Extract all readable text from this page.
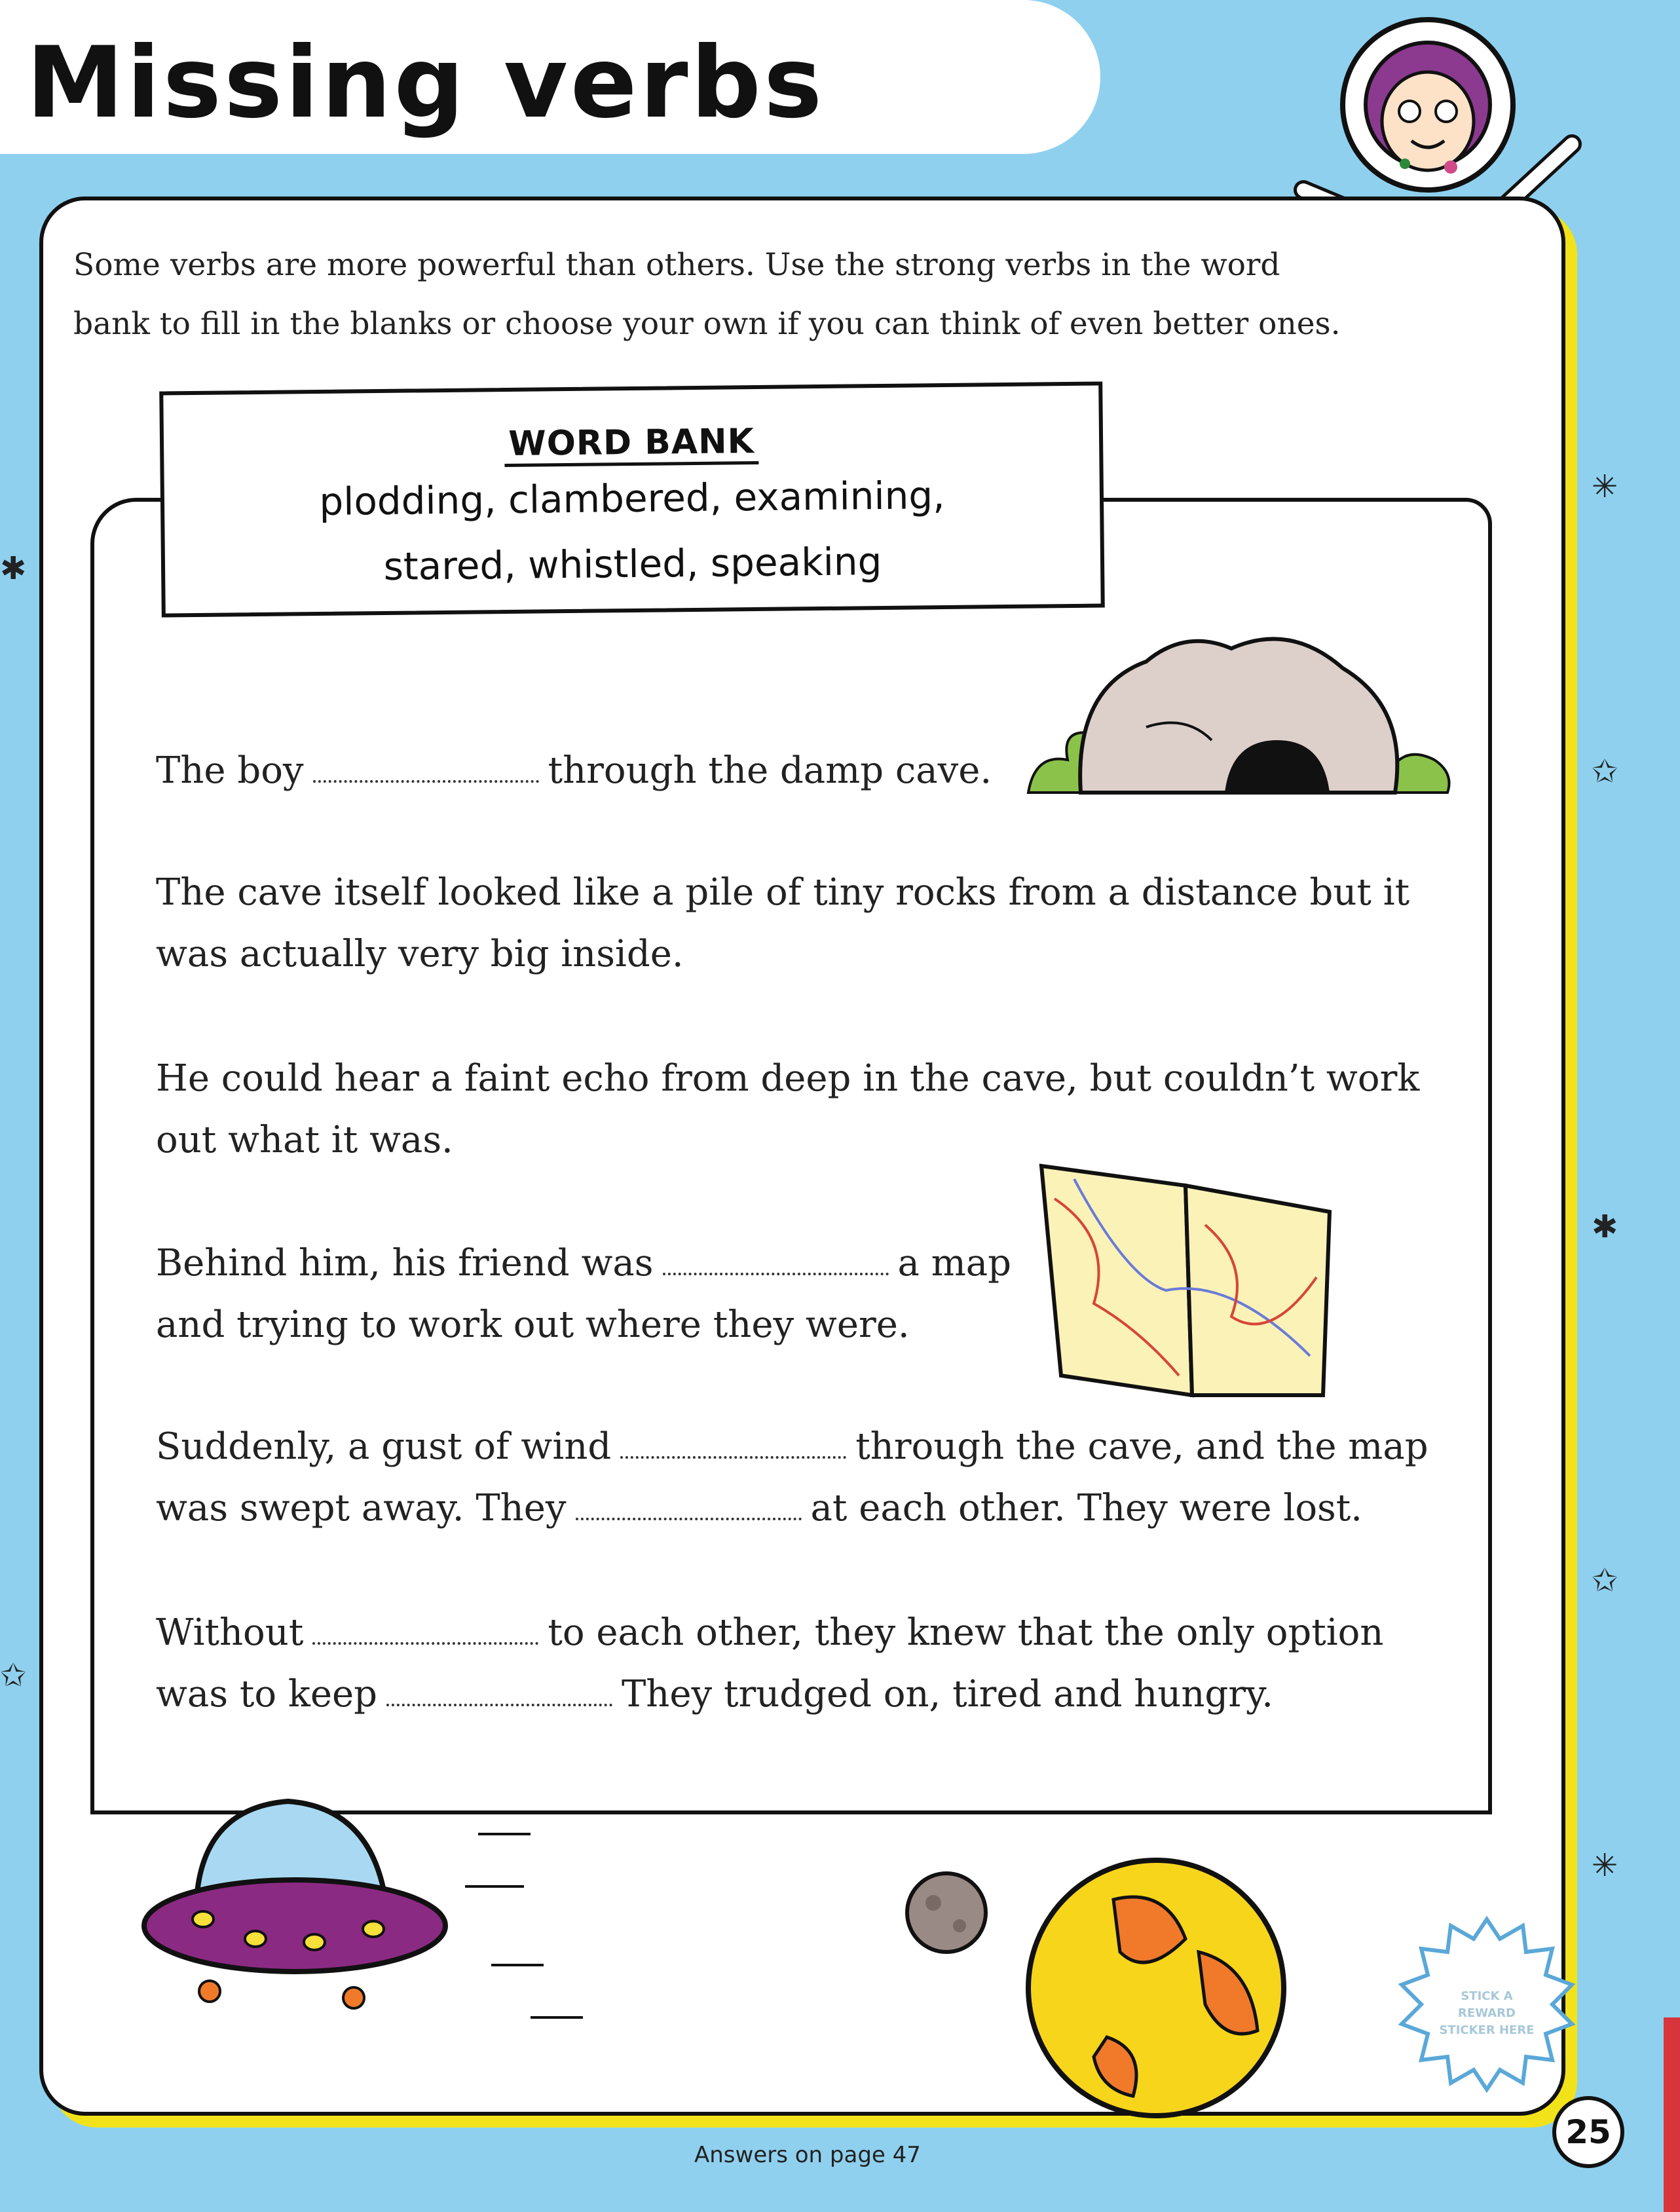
✳
✩
✱
✩
✳
✱
✩
Missing verbs
Some verbs are more powerful than others. Use the strong verbs in the word bank to fill in the blanks or choose your own if you can think of even better ones.
WORD BANK
plodding, clambered, examining,
stared, whistled, speaking
The boy	through the damp cave.
The cave itself looked like a pile of tiny rocks from a distance but it
was actually very big inside.
He could hear a faint echo from deep in the cave, but couldn’t work
out what it was.
Behind him, his friend was	a map
and trying to work out where they were.
Suddenly, a gust of wind	through the cave, and the map
was swept away. They	at each other. They were lost.
Without	to each other, they knew that the only option
was to keep	They trudged on, tired and hungry.
STICK A REWARD STICKER HERE
Answers on page 47
25
